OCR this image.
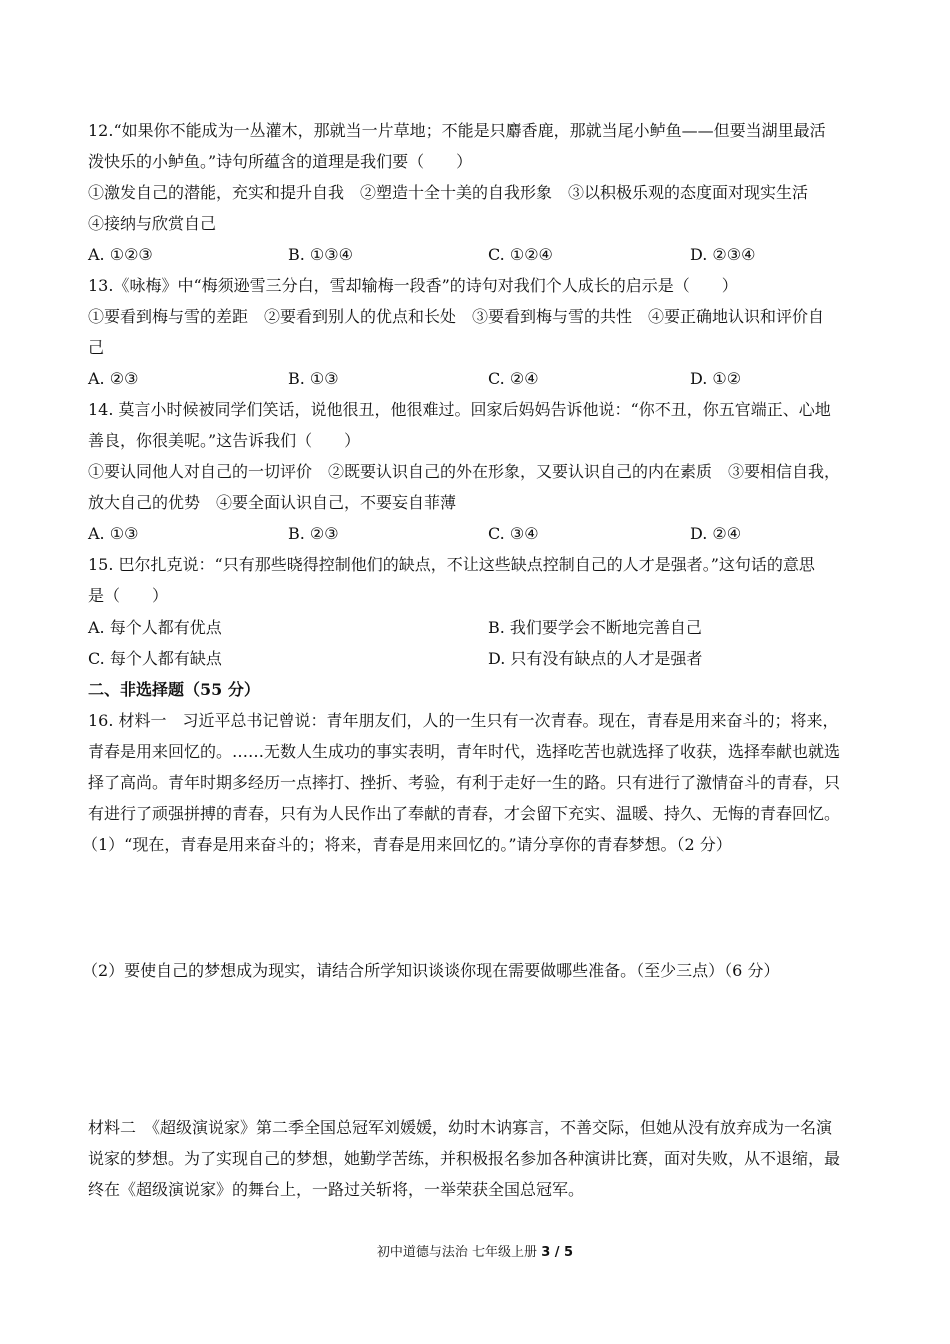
12.“如果你不能成为一丛灌木，那就当一片草地；不能是只麝香鹿，那就当尾小鲈鱼——但要当湖里最活
泼快乐的小鲈鱼。”诗句所蕴含的道理是我们要（　　）
①激发自己的潜能，充实和提升自我　②塑造十全十美的自我形象　③以积极乐观的态度面对现实生活
④接纳与欣赏自己
A. ①②③	B. ①③④	C. ①②④	D. ②③④
13.《咏梅》中“梅须逊雪三分白，雪却输梅一段香”的诗句对我们个人成长的启示是（　　）
①要看到梅与雪的差距　②要看到别人的优点和长处　③要看到梅与雪的共性　④要正确地认识和评价自
己
A. ②③	B. ①③	C. ②④	D. ①②
14. 莫言小时候被同学们笑话，说他很丑，他很难过。回家后妈妈告诉他说：“你不丑，你五官端正、心地
善良，你很美呢。”这告诉我们（　　）
①要认同他人对自己的一切评价　②既要认识自己的外在形象，又要认识自己的内在素质　③要相信自我，
放大自己的优势　④要全面认识自己，不要妄自菲薄
A. ①③	B. ②③	C. ③④	D. ②④
15. 巴尔扎克说：“只有那些晓得控制他们的缺点，不让这些缺点控制自己的人才是强者。”这句话的意思
是（　　）
A. 每个人都有优点	B. 我们要学会不断地完善自己
C. 每个人都有缺点	D. 只有没有缺点的人才是强者
二、非选择题（55 分）
16. 材料一　习近平总书记曾说：青年朋友们，人的一生只有一次青春。现在，青春是用来奋斗的；将来，
青春是用来回忆的。……无数人生成功的事实表明，青年时代，选择吃苦也就选择了收获，选择奉献也就选
择了高尚。青年时期多经历一点摔打、挫折、考验，有利于走好一生的路。只有进行了激情奋斗的青春，只
有进行了顽强拼搏的青春，只有为人民作出了奉献的青春，才会留下充实、温暖、持久、无悔的青春回忆。
（1）“现在，青春是用来奋斗的；将来，青春是用来回忆的。”请分享你的青春梦想。（2 分）
（2）要使自己的梦想成为现实，请结合所学知识谈谈你现在需要做哪些准备。（至少三点）（6 分）
材料二　《超级演说家》第二季全国总冠军刘媛媛，幼时木讷寡言，不善交际，但她从没有放弃成为一名演
说家的梦想。为了实现自己的梦想，她勤学苦练，并积极报名参加各种演讲比赛，面对失败，从不退缩，最
终在《超级演说家》的舞台上，一路过关斩将，一举荣获全国总冠军。
初中道德与法治 七年级上册 3 / 5
